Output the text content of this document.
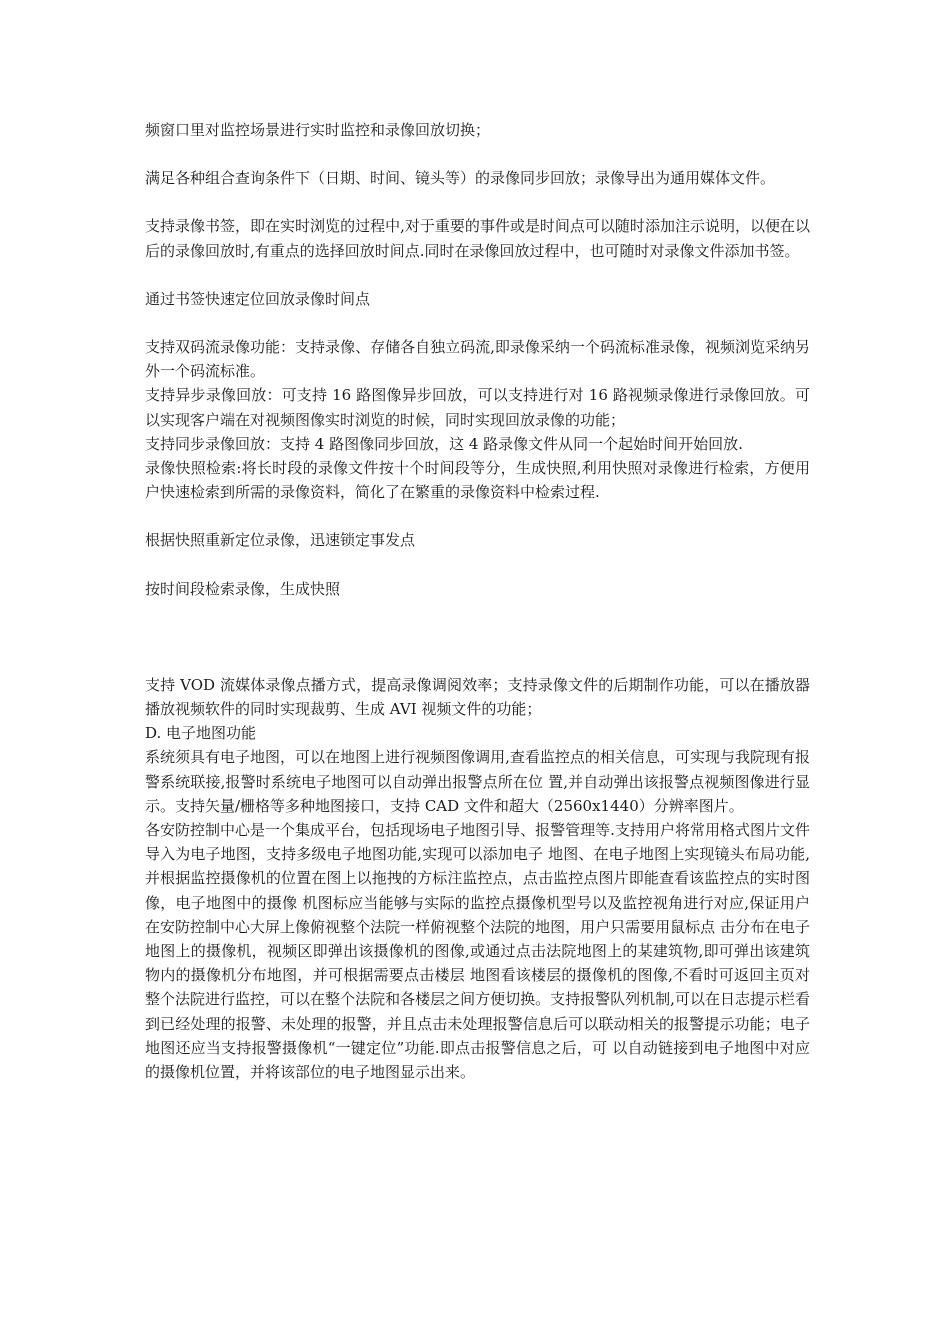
频窗口里对监控场景进行实时监控和录像回放切换；

满足各种组合查询条件下（日期、时间、镜头等）的录像同步回放；录像导出为通用媒体文件。

支持录像书签，即在实时浏览的过程中,对于重要的事件或是时间点可以随时添加注示说明，以便在以后的录像回放时,有重点的选择回放时间点.同时在录像回放过程中，也可随时对录像文件添加书签。

通过书签快速定位回放录像时间点

支持双码流录像功能：支持录像、存储各自独立码流,即录像采纳一个码流标准录像，视频浏览采纳另外一个码流标准。

支持异步录像回放：可支持 16 路图像异步回放，可以支持进行对 16 路视频录像进行录像回放。可以实现客户端在对视频图像实时浏览的时候，同时实现回放录像的功能；

支持同步录像回放：支持 4 路图像同步回放，这 4 路录像文件从同一个起始时间开始回放.

录像快照检索:将长时段的录像文件按十个时间段等分，生成快照,利用快照对录像进行检索，方便用户快速检索到所需的录像资料，简化了在繁重的录像资料中检索过程.

根据快照重新定位录像，迅速锁定事发点

按时间段检索录像，生成快照

支持 VOD 流媒体录像点播方式，提高录像调阅效率；支持录像文件的后期制作功能，可以在播放器播放视频软件的同时实现裁剪、生成 AVI 视频文件的功能；

D. 电子地图功能

系统须具有电子地图，可以在地图上进行视频图像调用,查看监控点的相关信息，可实现与我院现有报警系统联接,报警时系统电子地图可以自动弹出报警点所在位 置,并自动弹出该报警点视频图像进行显示。支持矢量/栅格等多种地图接口，支持 CAD 文件和超大（2560x1440）分辨率图片。

各安防控制中心是一个集成平台，包括现场电子地图引导、报警管理等.支持用户将常用格式图片文件导入为电子地图，支持多级电子地图功能,实现可以添加电子 地图、在电子地图上实现镜头布局功能,并根据监控摄像机的位置在图上以拖拽的方标注监控点，点击监控点图片即能查看该监控点的实时图像，电子地图中的摄像 机图标应当能够与实际的监控点摄像机型号以及监控视角进行对应,保证用户在安防控制中心大屏上像俯视整个法院一样俯视整个法院的地图，用户只需要用鼠标点 击分布在电子地图上的摄像机，视频区即弹出该摄像机的图像,或通过点击法院地图上的某建筑物,即可弹出该建筑物内的摄像机分布地图，并可根据需要点击楼层 地图看该楼层的摄像机的图像,不看时可返回主页对整个法院进行监控，可以在整个法院和各楼层之间方便切换。支持报警队列机制,可以在日志提示栏看到已经处理的报警、未处理的报警，并且点击未处理报警信息后可以联动相关的报警提示功能；电子地图还应当支持报警摄像机“一键定位”功能.即点击报警信息之后，可 以自动链接到电子地图中对应的摄像机位置，并将该部位的电子地图显示出来。
